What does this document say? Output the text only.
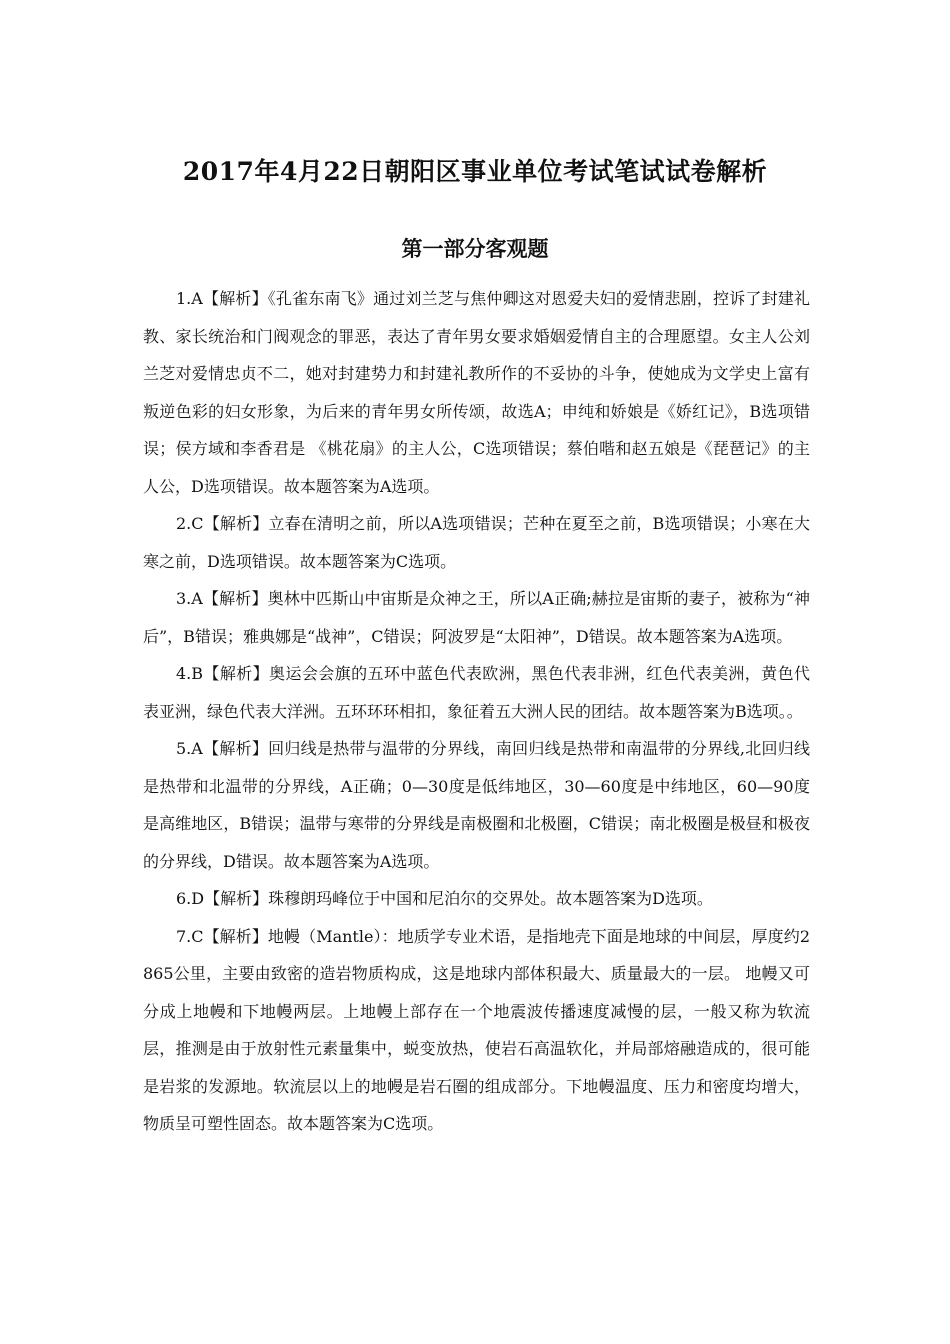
2017年4月22日朝阳区事业单位考试笔试试卷解析
第一部分客观题

1.A【解析】《孔雀东南飞》通过刘兰芝与焦仲卿这对恩爱夫妇的爱情悲剧，控诉了封建礼教、家长统治和门阀观念的罪恶，表达了青年男女要求婚姻爱情自主的合理愿望。女主人公刘兰芝对爱情忠贞不二，她对封建势力和封建礼教所作的不妥协的斗争，使她成为文学史上富有叛逆色彩的妇女形象，为后来的青年男女所传颂，故选A；申纯和娇娘是《娇红记》，B选项错误；侯方域和李香君是 《桃花扇》的主人公，C选项错误；蔡伯喈和赵五娘是《琵琶记》的主人公，D选项错误。故本题答案为A选项。

2.C【解析】立春在清明之前，所以A选项错误；芒种在夏至之前，B选项错误；小寒在大寒之前，D选项错误。故本题答案为C选项。

3.A【解析】奥林中匹斯山中宙斯是众神之王，所以A正确;赫拉是宙斯的妻子，被称为“神后”，B错误；雅典娜是“战神”，C错误；阿波罗是“太阳神”，D错误。故本题答案为A选项。

4.B【解析】奥运会会旗的五环中蓝色代表欧洲，黑色代表非洲，红色代表美洲，黄色代表亚洲，绿色代表大洋洲。五环环环相扣，象征着五大洲人民的团结。故本题答案为B选项。。

5.A【解析】回归线是热带与温带的分界线，南回归线是热带和南温带的分界线,北回归线是热带和北温带的分界线，A正确；0—30度是低纬地区，30—60度是中纬地区，60—90度是高维地区，B错误；温带与寒带的分界线是南极圈和北极圈，C错误；南北极圈是极昼和极夜的分界线，D错误。故本题答案为A选项。

6.D【解析】珠穆朗玛峰位于中国和尼泊尔的交界处。故本题答案为D选项。

7.C【解析】地幔（Mantle）：地质学专业术语，是指地壳下面是地球的中间层，厚度约2865公里，主要由致密的造岩物质构成，这是地球内部体积最大、质量最大的一层。 地幔又可分成上地幔和下地幔两层。上地幔上部存在一个地震波传播速度减慢的层，一般又称为软流层，推测是由于放射性元素量集中，蜕变放热，使岩石高温软化，并局部熔融造成的，很可能是岩浆的发源地。软流层以上的地幔是岩石圈的组成部分。下地幔温度、压力和密度均增大，物质呈可塑性固态。故本题答案为C选项。
